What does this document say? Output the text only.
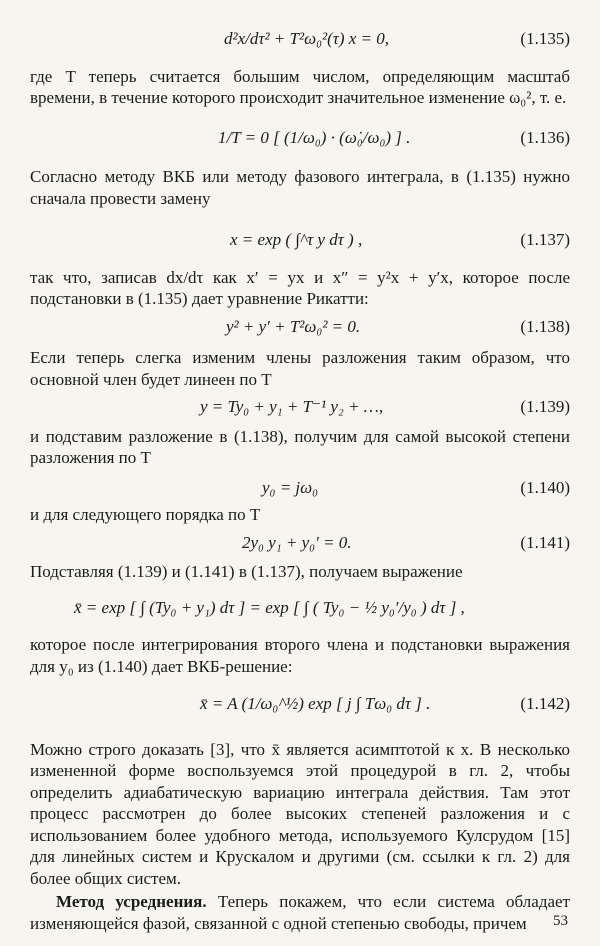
d²x/dτ² + T²ω₀²(τ) x = 0,	(1.135)

где T теперь считается большим числом, определяющим масштаб времени, в течение которого происходит значительное изменение ω₀², т. е.

1/T = 0 [ (1/ω₀) · (ω̇₀/ω₀) ] .	(1.136)

Согласно методу ВКБ или методу фазового интеграла, в (1.135) нужно сначала провести замену

x = exp ( ∫^τ y dτ ) ,	(1.137)

так что, записав dx/dτ как x′ = yx и x″ = y²x + y′x, которое после подстановки в (1.135) дает уравнение Рикатти:

y² + y′ + T²ω₀² = 0.	(1.138)

Если теперь слегка изменим члены разложения таким образом, что основной член будет линеен по T

y = Ty₀ + y₁ + T⁻¹ y₂ + …,	(1.139)

и подставим разложение в (1.138), получим для самой высокой степени разложения по T

y₀ = jω₀	(1.140)

и для следующего порядка по T

2y₀ y₁ + y₀′ = 0.	(1.141)

Подставляя (1.139) и (1.141) в (1.137), получаем выражение

x̄ = exp [ ∫ (Ty₀ + y₁) dτ ] = exp [ ∫ ( Ty₀ − ½ y₀′/y₀ ) dτ ] ,

которое после интегрирования второго члена и подстановки выражения для y₀ из (1.140) дает ВКБ-решение:

x̄ = A (1/ω₀^½) exp [ j ∫ Tω₀ dτ ] .	(1.142)

Можно строго доказать [3], что x̄ является асимптотой к x. В несколько измененной форме воспользуемся этой процедурой в гл. 2, чтобы определить адиабатическую вариацию интеграла действия. Там этот процесс рассмотрен до более высоких степеней разложения и с использованием более удобного метода, используемого Кулсрудом [15] для линейных систем и Крускалом и другими (см. ссылки к гл. 2) для более общих систем.

Метод усреднения. Теперь покажем, что если система обладает изменяющейся фазой, связанной с одной степенью свободы, причем	53
